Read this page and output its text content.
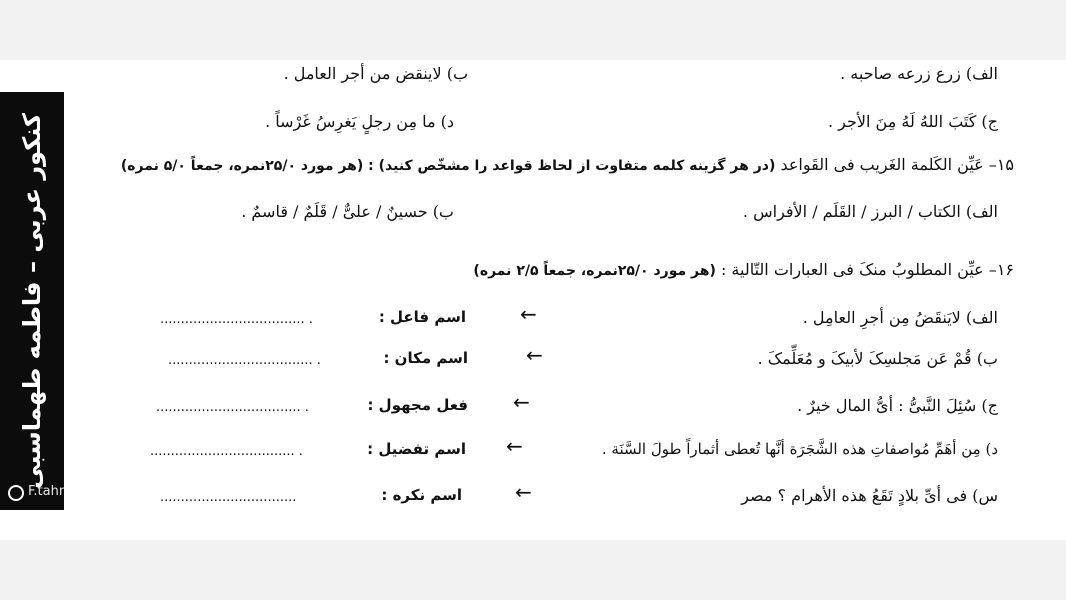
الف) زرع زرعه صاحبه .
ب) لاینقض من أجر العامل .
ج) کَتَبَ اللهُ لَهُ مِنَ الأجر .
د) ما مِن رجلٍ یَغرِسُ غَرْساً .
۱۵– عَیِّن الکَلمة الغَریب فی القَواعد (در هر گزینه کلمه متفاوت از لحاظ قواعد را مشخّص کنید) : (هر مورد ۲۵/۰نمره، جمعاً ۵/۰ نمره)
الف) الکتاب / البرز / القَلَم / الأفراس .
ب) حسینٌ / علیٌّ / قَلَمٌ / قاسمٌ .
۱۶– عیِّن المطلوبُ منکَ فی العبارات التّالیة : (هر مورد ۲۵/۰نمره، جمعاً ۲/۵ نمره)
الف) لایَنقَضُ مِن أجرِ العامِل .
←
اسم فاعل :
................................... .
ب) قُمْ عَن مَجلسِکَ لأبیکَ و مُعَلِّمکَ .
←
اسم مکان :
................................... .
ج) سُئِلَ النَّبیُّ : أیُّ المال خیرٌ .
←
فعل مجهول :
................................... .
د) مِن أهَمِّ مُواصفاتِ هذه الشَّجَرَة أنَّها تُعطی أثماراً طولَ السَّنَة .
←
اسم تفضیل :
................................... .
س) فی أیِّ بلادٍ تَقَعُ هذه الأهرام ؟ مصر
←
اسم نکره :
.................................
کنکور عربی – فاطمه طهماسبی
F.tahmasebi
